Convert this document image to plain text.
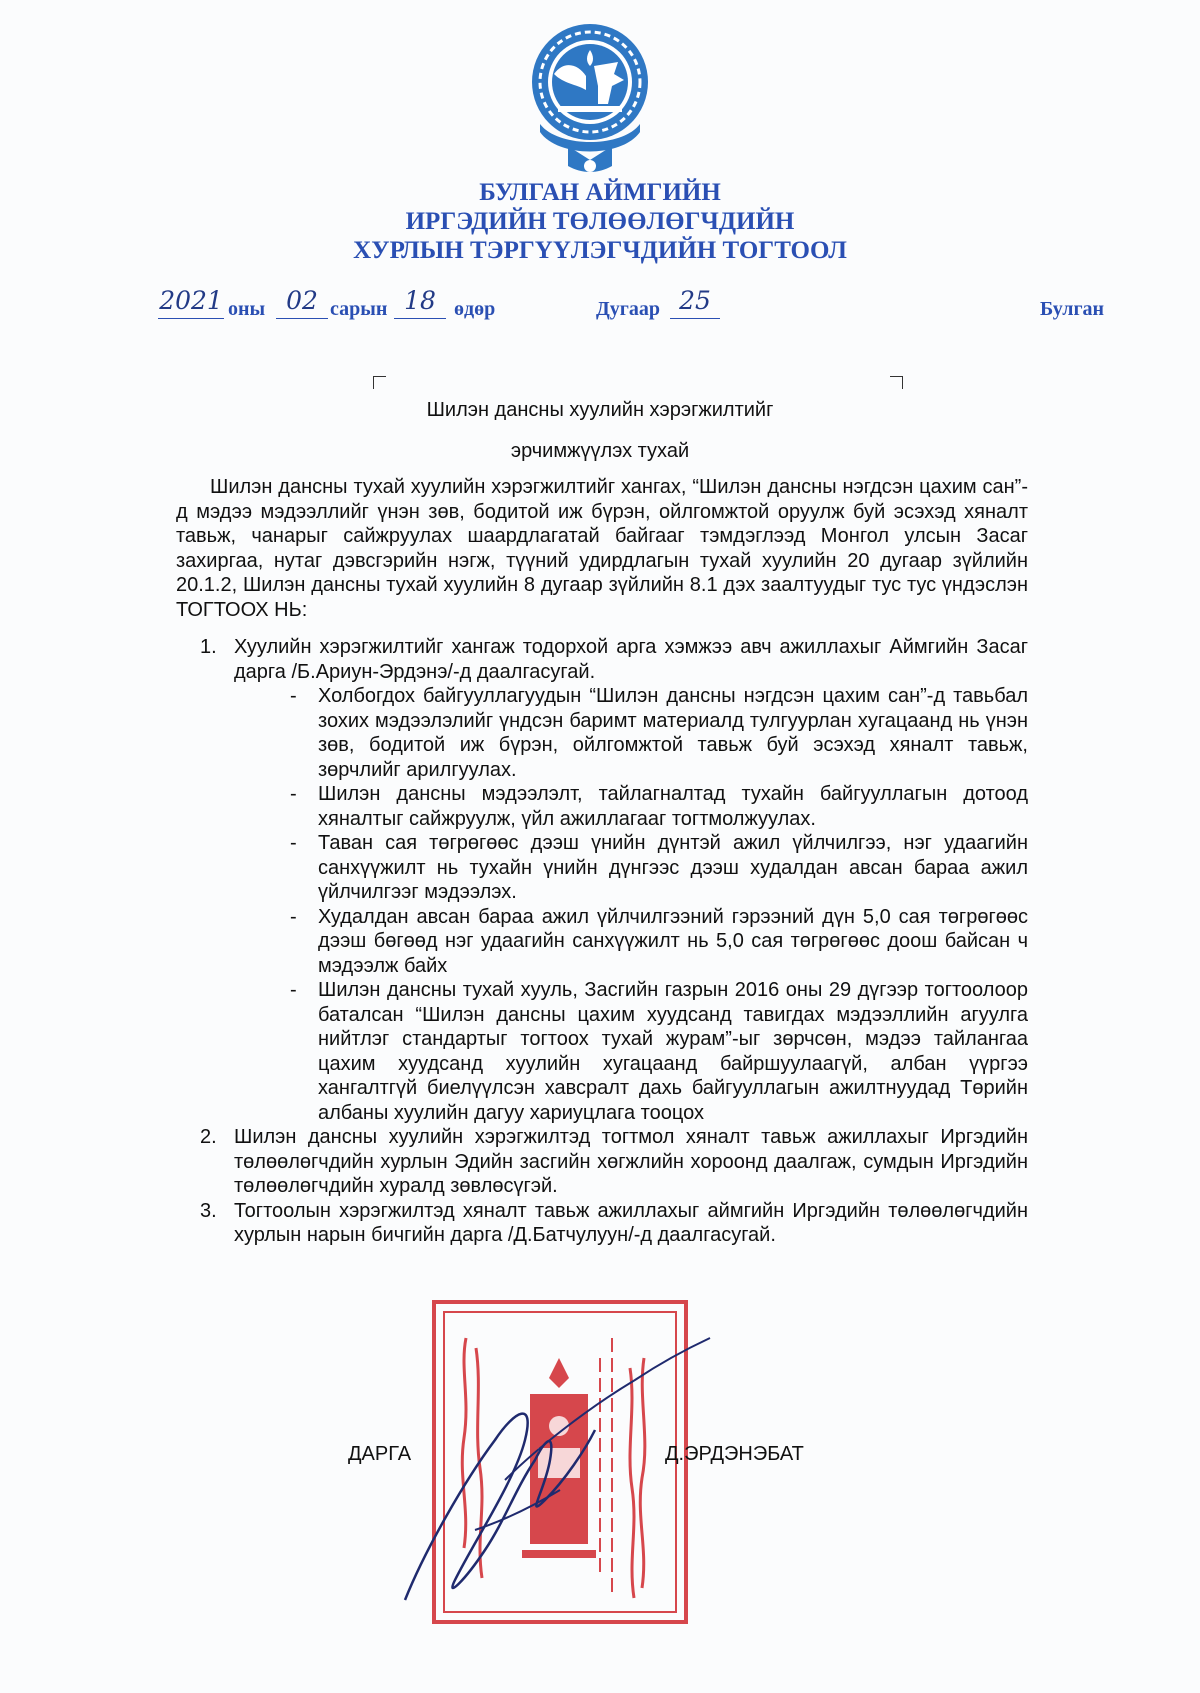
БУЛГАН АЙМГИЙН
ИРГЭДИЙН ТӨЛӨӨЛӨГЧДИЙН
ХУРЛЫН ТЭРГҮҮЛЭГЧДИЙН ТОГТООЛ
2021 оны 02 сарын 18 өдөр	Дугаар 25	Булган
Шилэн дансны хуулийн хэрэгжилтийг
эрчимжүүлэх тухай

Шилэн дансны тухай хуулийн хэрэгжилтийг хангах, “Шилэн дансны нэгдсэн цахим сан”-д мэдээ мэдээллийг үнэн зөв, бодитой иж бүрэн, ойлгомжтой оруулж буй эсэхэд хяналт тавьж, чанарыг сайжруулах шаардлагатай байгааг тэмдэглээд Монгол улсын Засаг захиргаа, нутаг дэвсгэрийн нэгж, түүний удирдлагын тухай хуулийн 20 дугаар зүйлийн 20.1.2, Шилэн дансны тухай хуулийн 8 дугаар зүйлийн 8.1 дэх заалтуудыг тус тус үндэслэн ТОГТООХ НЬ:

1. Хуулийн хэрэгжилтийг хангаж тодорхой арга хэмжээ авч ажиллахыг Аймгийн Засаг дарга /Б.Ариун-Эрдэнэ/-д даалгасугай.
- Холбогдох байгууллагуудын “Шилэн дансны нэгдсэн цахим сан”-д тавьбал зохих мэдээлэлийг үндсэн баримт материалд тулгуурлан хугацаанд нь үнэн зөв, бодитой иж бүрэн, ойлгомжтой тавьж буй эсэхэд хяналт тавьж, зөрчлийг арилгуулах.
- Шилэн дансны мэдээлэлт, тайлагналтад тухайн байгууллагын дотоод хяналтыг сайжруулж, үйл ажиллагааг тогтмолжуулах.
- Таван сая төгрөгөөс дээш үнийн дүнтэй ажил үйлчилгээ, нэг удаагийн санхүүжилт нь тухайн үнийн дүнгээс дээш худалдан авсан бараа ажил үйлчилгээг мэдээлэх.
- Худалдан авсан бараа ажил үйлчилгээний гэрээний дүн 5,0 сая төгрөгөөс дээш бөгөөд нэг удаагийн санхүүжилт нь 5,0 сая төгрөгөөс доош байсан ч мэдээлж байх
- Шилэн дансны тухай хууль, Засгийн газрын 2016 оны 29 дүгээр тогтоолоор баталсан “Шилэн дансны цахим хуудсанд тавигдах мэдээллийн агуулга нийтлэг стандартыг тогтоох тухай журам”-ыг зөрчсөн, мэдээ тайлангаа цахим хуудсанд хуулийн хугацаанд байршуулаагүй, албан үүргээ хангалтгүй биелүүлсэн хавсралт дахь байгууллагын ажилтнуудад Төрийн албаны хуулийн дагуу хариуцлага тооцох
2. Шилэн дансны хуулийн хэрэгжилтэд тогтмол хяналт тавьж ажиллахыг Иргэдийн төлөөлөгчдийн хурлын Эдийн засгийн хөгжлийн хороонд даалгаж, сумдын Иргэдийн төлөөлөгчдийн хуралд зөвлөсүгэй.
3. Тогтоолын хэрэгжилтэд хяналт тавьж ажиллахыг аймгийн Иргэдийн төлөөлөгчдийн хурлын нарын бичгийн дарга /Д.Батчулуун/-д даалгасугай.
ДАРГА	Д.ЭРДЭНЭБАТ
